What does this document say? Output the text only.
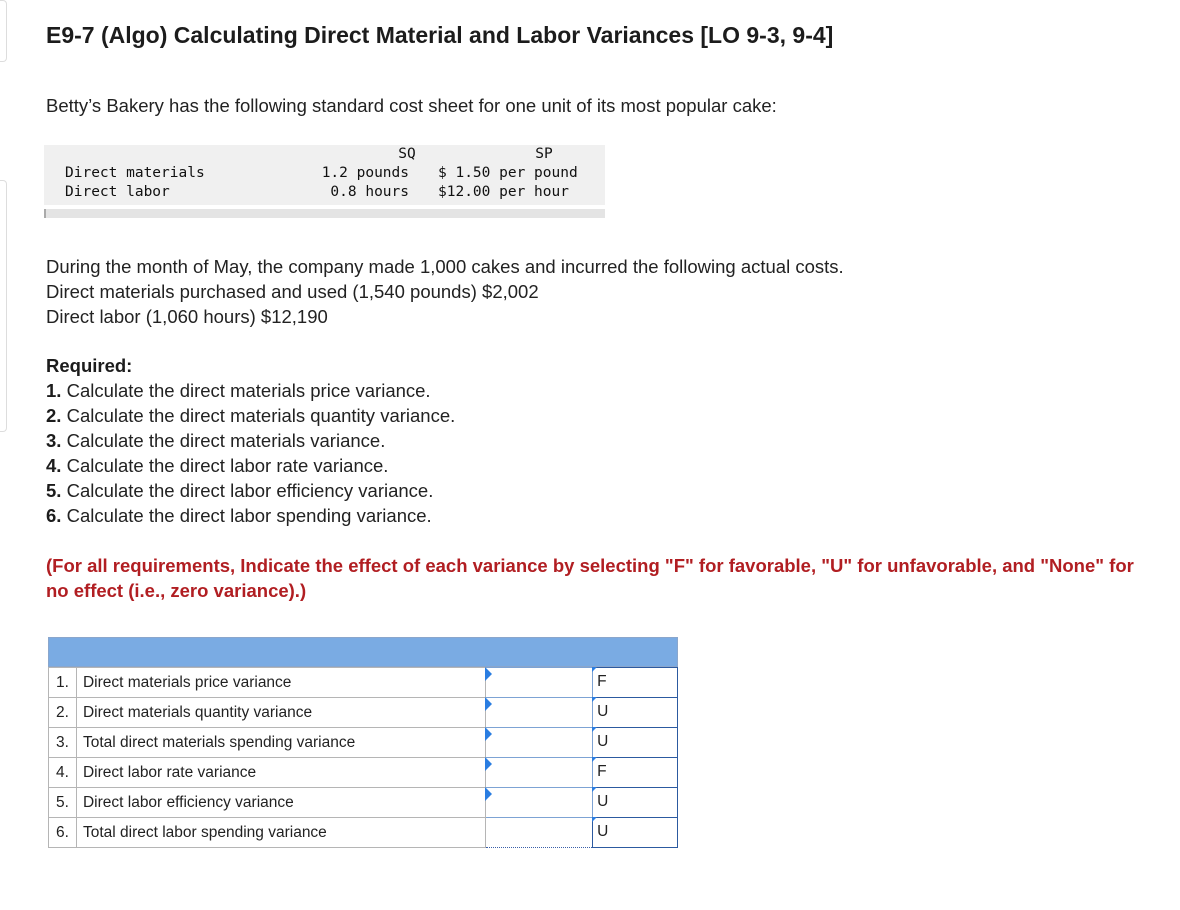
E9-7 (Algo) Calculating Direct Material and Labor Variances [LO 9-3, 9-4]
Betty’s Bakery has the following standard cost sheet for one unit of its most popular cake:
SQ	SP
Direct materials	1.2 pounds $ 1.50 per pound
Direct labor	0.8 hours $12.00 per hour
During the month of May, the company made 1,000 cakes and incurred the following actual costs.
Direct materials purchased and used (1,540 pounds) $2,002
Direct labor (1,060 hours) $12,190
Required:
1. Calculate the direct materials price variance.
2. Calculate the direct materials quantity variance.
3. Calculate the direct materials variance.
4. Calculate the direct labor rate variance.
5. Calculate the direct labor efficiency variance.
6. Calculate the direct labor spending variance.
(For all requirements, Indicate the effect of each variance by selecting "F" for favorable, "U" for unfavorable, and "None" for no effect (i.e., zero variance).)
1.	Direct materials price variance		F

2.	Direct materials quantity variance		U

3.	Total direct materials spending variance		U

4.	Direct labor rate variance		F

5.	Direct labor efficiency variance		U

6.	Total direct labor spending variance		U
